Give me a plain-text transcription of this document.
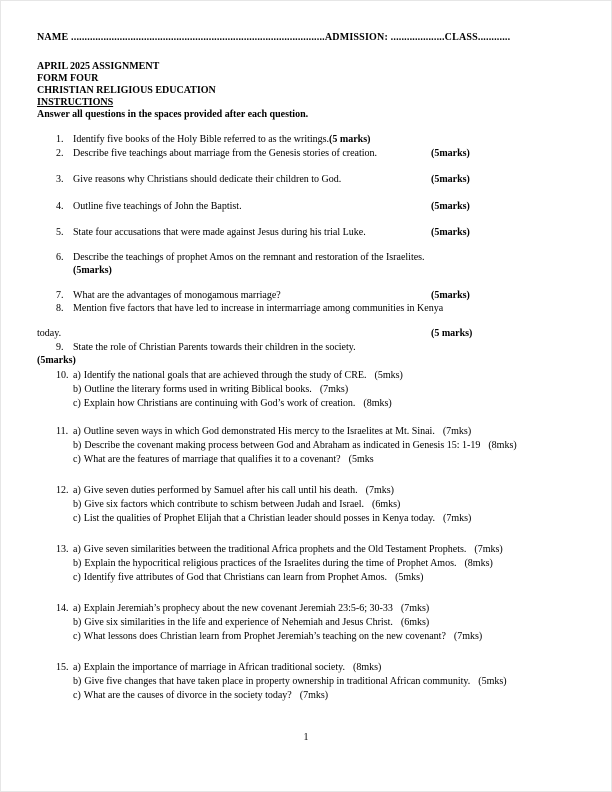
NAME ..............................................................................................ADMISSION: ....................CLASS............
APRIL 2025 ASSIGNMENT
FORM FOUR
CHRISTIAN RELIGIOUS EDUCATION
INSTRUCTIONS
Answer all questions in the spaces provided after each question.
1. Identify five books of the Holy Bible referred to as the writings.(5 marks)
2. Describe five teachings about marriage from the Genesis stories of creation.	(5marks)
3. Give reasons why Christians should dedicate their children to God.	(5marks)
4. Outline five teachings of John the Baptist.	(5marks)
5. State four accusations that were made against Jesus during his trial Luke.	(5marks)
6. Describe the teachings of prophet Amos on the remnant and restoration of the Israelites.
(5marks)
7. What are the advantages of monogamous marriage?	(5marks)
8. Mention five factors that have led to increase in intermarriage among communities in Kenya
today.	(5 marks)
9. State the role of Christian Parents towards their children in the society.
(5marks)
10. a) Identify the national goals that are achieved through the study of CRE. (5mks)
b) Outline the literary forms used in writing Biblical books. (7mks)
c) Explain how Christians are continuing with God’s work of creation. (8mks)
11. a) Outline seven ways in which God demonstrated His mercy to the Israelites at Mt. Sinai. (7mks)
b) Describe the covenant making process between God and Abraham as indicated in Genesis 15: 1-19 (8mks)
c) What are the features of marriage that qualifies it to a covenant? (5mks
12. a) Give seven duties performed by Samuel after his call until his death. (7mks)
b) Give six factors which contribute to schism between Judah and Israel. (6mks)
c) List the qualities of Prophet Elijah that a Christian leader should posses in Kenya today. (7mks)
13. a) Give seven similarities between the traditional Africa prophets and the Old Testament Prophets. (7mks)
b) Explain the hypocritical religious practices of the Israelites during the time of Prophet Amos. (8mks)
c) Identify five attributes of God that Christians can learn from Prophet Amos. (5mks)
14. a) Explain Jeremiah’s prophecy about the new covenant Jeremiah 23:5-6; 30-33 (7mks)
b) Give six similarities in the life and experience of Nehemiah and Jesus Christ. (6mks)
c) What lessons does Christian learn from Prophet Jeremiah’s teaching on the new covenant? (7mks)
15. a) Explain the importance of marriage in African traditional society. (8mks)
b) Give five changes that have taken place in property ownership in traditional African community. (5mks)
c) What are the causes of divorce in the society today? (7mks)
1
